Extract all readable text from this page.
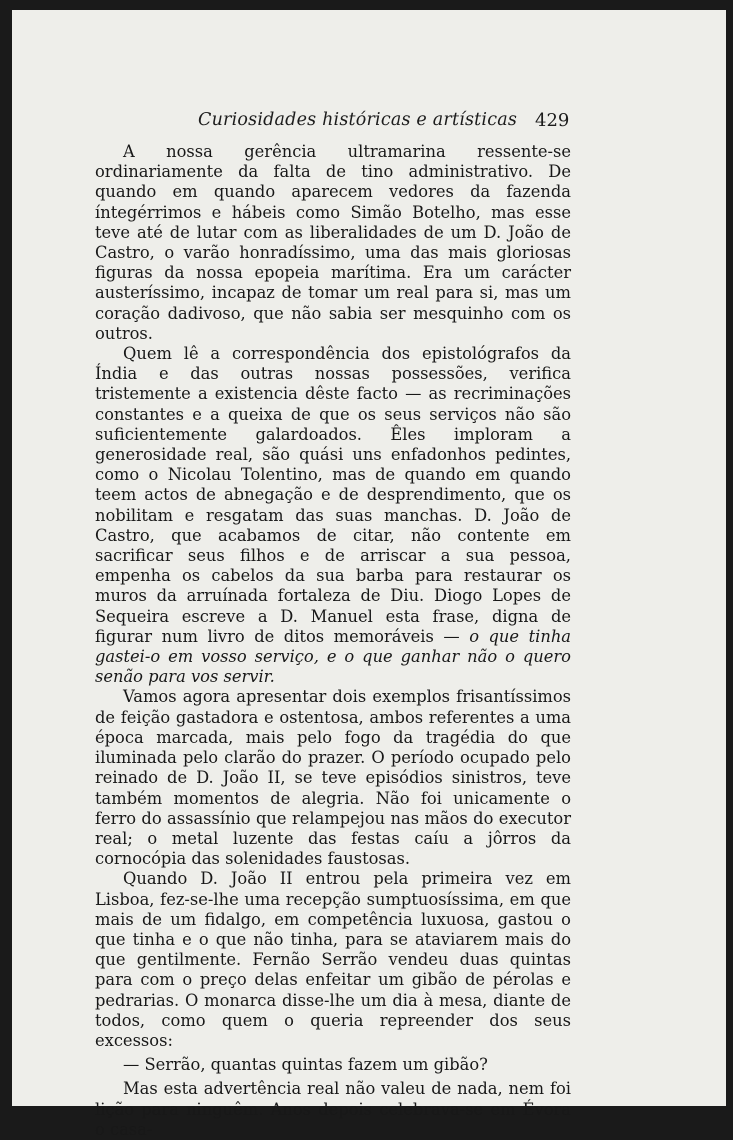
Curiosidades históricas e artísticas 429

A nossa gerência ultramarina ressente-se ordinariamente da falta de tino administrativo. De quando em quando aparecem vedores da fazenda íntegérrimos e hábeis como Simão Botelho, mas esse teve até de lutar com as liberalidades de um D. João de Castro, o varão honradíssimo, uma das mais gloriosas figuras da nossa epopeia marítima. Era um carácter austeríssimo, incapaz de tomar um real para si, mas um coração dadivoso, que não sabia ser mesquinho com os outros.

Quem lê a correspondência dos epistológrafos da Índia e das outras nossas possessões, verifica tristemente a existencia dêste facto — as recriminações constantes e a queixa de que os seus serviços não são suficientemente galardoados. Êles imploram a generosidade real, são quási uns enfadonhos pedintes, como o Nicolau Tolentino, mas de quando em quando teem actos de abnegação e de desprendimento, que os nobilitam e resgatam das suas manchas. D. João de Castro, que acabamos de citar, não contente em sacrificar seus filhos e de arriscar a sua pessoa, empenha os cabelos da sua barba para restaurar os muros da arruínada fortaleza de Diu. Diogo Lopes de Sequeira escreve a D. Manuel esta frase, digna de figurar num livro de ditos memoráveis — o que tinha gastei-o em vosso serviço, e o que ganhar não o quero senão para vos servir.

Vamos agora apresentar dois exemplos frisantíssimos de feição gastadora e ostentosa, ambos referentes a uma época marcada, mais pelo fogo da tragédia do que iluminada pelo clarão do prazer. O período ocupado pelo reinado de D. João II, se teve episódios sinistros, teve também momentos de alegria. Não foi unicamente o ferro do assassínio que relampejou nas mãos do executor real; o metal luzente das festas caíu a jôrros da cornocópia das solenidades faustosas.

Quando D. João II entrou pela primeira vez em Lisboa, fez-se-lhe uma recepção sumptuosíssima, em que mais de um fidalgo, em competência luxuosa, gastou o que tinha e o que não tinha, para se ataviarem mais do que gentilmente. Fernão Serrão vendeu duas quintas para com o preço delas enfeitar um gibão de pérolas e pedrarias. O monarca disse-lhe um dia à mesa, diante de todos, como quem o queria repreender dos seus excessos:

— Serrão, quantas quintas fazem um gibão?

Mas esta advertência real não valeu de nada, nem foi lição para ninguêm. Anos depois celebrava-se em Évora o casa-
